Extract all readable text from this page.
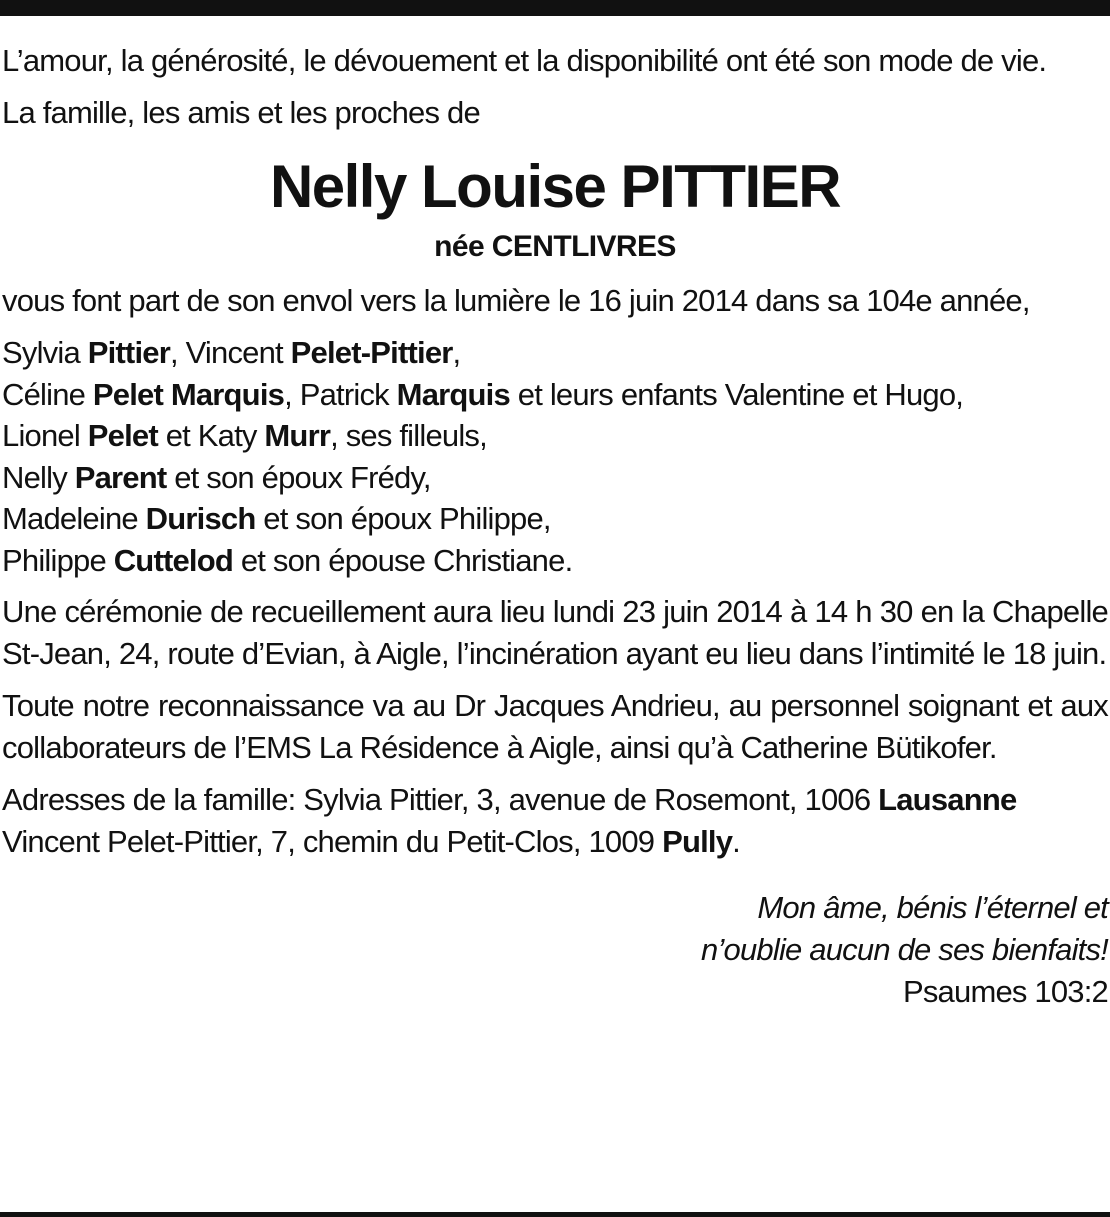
L’amour, la générosité, le dévouement et la disponibilité ont été son mode de vie.

La famille, les amis et les proches de

Nelly Louise PITTIER

née CENTLIVRES

vous font part de son envol vers la lumière le 16 juin 2014 dans sa 104e année,

Sylvia Pittier, Vincent Pelet-Pittier,

Céline Pelet Marquis, Patrick Marquis et leurs enfants Valentine et Hugo,

Lionel Pelet et Katy Murr, ses filleuls,

Nelly Parent et son époux Frédy,

Madeleine Durisch et son époux Philippe,

Philippe Cuttelod et son épouse Christiane.

Une cérémonie de recueillement aura lieu lundi 23 juin 2014 à 14 h 30 en la Chapelle St-Jean, 24, route d’Evian, à Aigle, l’incinération ayant eu lieu dans l’intimité le 18 juin.

Toute notre reconnaissance va au Dr Jacques Andrieu, au personnel soignant et aux collaborateurs de l’EMS La Résidence à Aigle, ainsi qu’à Catherine Bütikofer.

Adresses de la famille: Sylvia Pittier, 3, avenue de Rosemont, 1006 Lausanne

Vincent Pelet-Pittier, 7, chemin du Petit-Clos, 1009 Pully.

Mon âme, bénis l’éternel et

n’oublie aucun de ses bienfaits!

Psaumes 103:2
